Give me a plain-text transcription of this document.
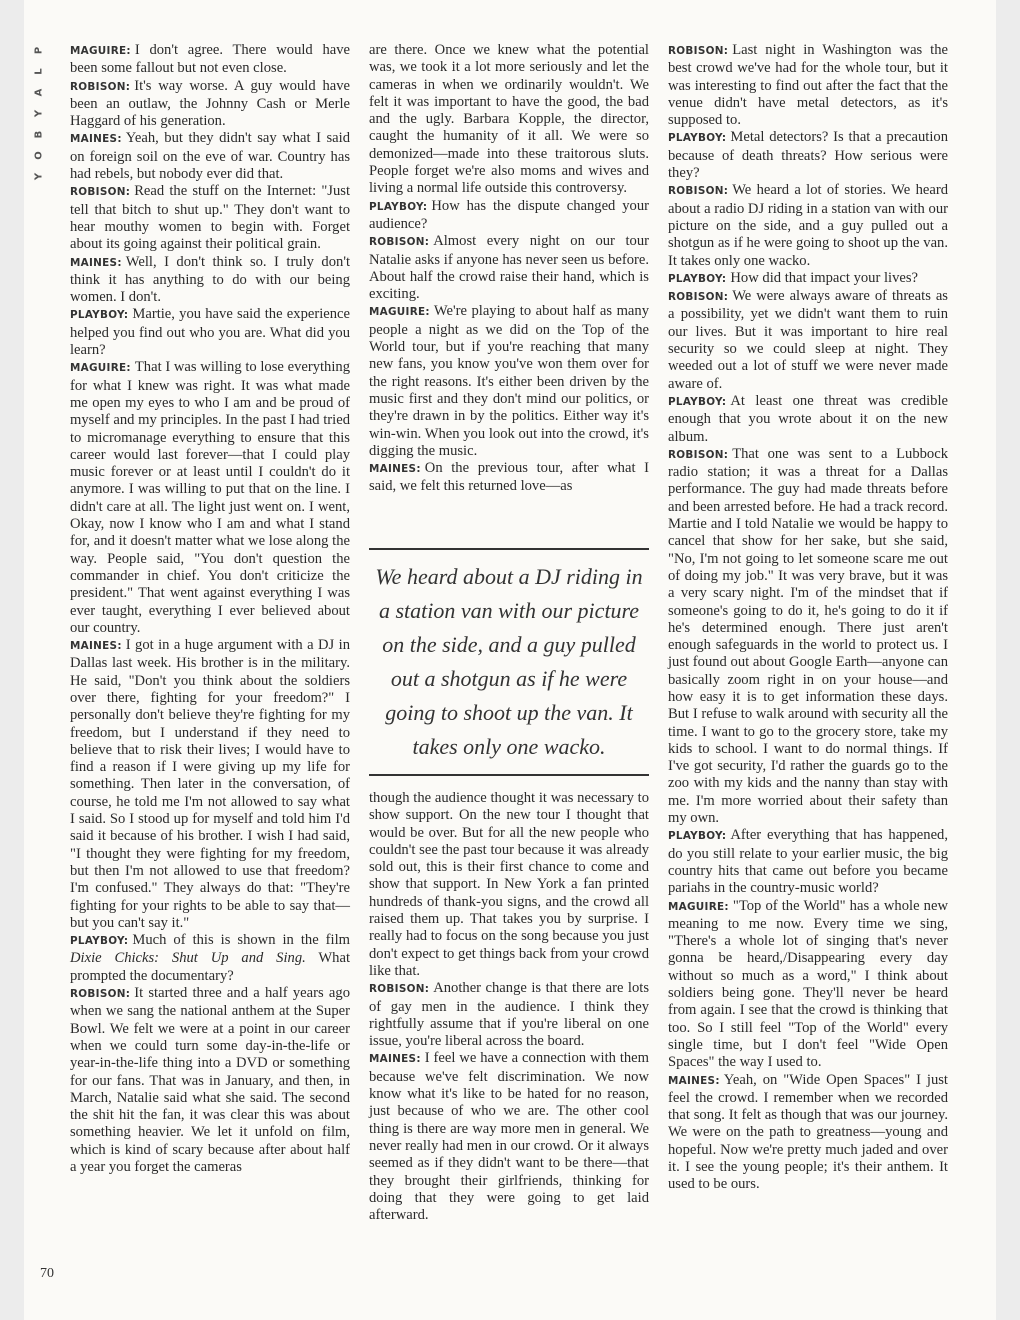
P
L
A
Y
B
O
Y

MAGUIRE: I don't agree. There would have been some fallout but not even close.

ROBISON: It's way worse. A guy would have been an outlaw, the Johnny Cash or Merle Haggard of his generation.

MAINES: Yeah, but they didn't say what I said on foreign soil on the eve of war. Country has had rebels, but nobody ever did that.

ROBISON: Read the stuff on the Internet: "Just tell that bitch to shut up." They don't want to hear mouthy women to begin with. Forget about its going against their political grain.

MAINES: Well, I don't think so. I truly don't think it has anything to do with our being women. I don't.

PLAYBOY: Martie, you have said the experience helped you find out who you are. What did you learn?

MAGUIRE: That I was willing to lose everything for what I knew was right. It was what made me open my eyes to who I am and be proud of myself and my principles. In the past I had tried to micromanage everything to ensure that this career would last forever—that I could play music forever or at least until I couldn't do it anymore. I was willing to put that on the line. I didn't care at all. The light just went on. I went, Okay, now I know who I am and what I stand for, and it doesn't matter what we lose along the way. People said, "You don't question the commander in chief. You don't criticize the president." That went against everything I was ever taught, everything I ever believed about our country.

MAINES: I got in a huge argument with a DJ in Dallas last week. His brother is in the military. He said, "Don't you think about the soldiers over there, fighting for your freedom?" I personally don't believe they're fighting for my freedom, but I understand if they need to believe that to risk their lives; I would have to find a reason if I were giving up my life for something. Then later in the conversation, of course, he told me I'm not allowed to say what I said. So I stood up for myself and told him I'd said it because of his brother. I wish I had said, "I thought they were fighting for my freedom, but then I'm not allowed to use that freedom? I'm confused." They always do that: "They're fighting for your rights to be able to say that—but you can't say it."

PLAYBOY: Much of this is shown in the film Dixie Chicks: Shut Up and Sing. What prompted the documentary?

ROBISON: It started three and a half years ago when we sang the national anthem at the Super Bowl. We felt we were at a point in our career when we could turn some day-in-the-life or year-in-the-life thing into a DVD or something for our fans. That was in January, and then, in March, Natalie said what she said. The second the shit hit the fan, it was clear this was about something heavier. We let it unfold on film, which is kind of scary because after about half a year you forget the cameras

are there. Once we knew what the potential was, we took it a lot more seriously and let the cameras in when we ordinarily wouldn't. We felt it was important to have the good, the bad and the ugly. Barbara Kopple, the director, caught the humanity of it all. We were so demonized—made into these traitorous sluts. People forget we're also moms and wives and living a normal life outside this controversy.

PLAYBOY: How has the dispute changed your audience?

ROBISON: Almost every night on our tour Natalie asks if anyone has never seen us before. About half the crowd raise their hand, which is exciting.

MAGUIRE: We're playing to about half as many people a night as we did on the Top of the World tour, but if you're reaching that many new fans, you know you've won them over for the right reasons. It's either been driven by the music first and they don't mind our politics, or they're drawn in by the politics. Either way it's win-win. When you look out into the crowd, it's digging the music.

MAINES: On the previous tour, after what I said, we felt this returned love—as

We heard about a DJ riding in a station van with our picture on the side, and a guy pulled out a shotgun as if he were going to shoot up the van. It takes only one wacko.

though the audience thought it was necessary to show support. On the new tour I thought that would be over. But for all the new people who couldn't see the past tour because it was already sold out, this is their first chance to come and show that support. In New York a fan printed hundreds of thank-you signs, and the crowd all raised them up. That takes you by surprise. I really had to focus on the song because you just don't expect to get things back from your crowd like that.

ROBISON: Another change is that there are lots of gay men in the audience. I think they rightfully assume that if you're liberal on one issue, you're liberal across the board.

MAINES: I feel we have a connection with them because we've felt discrimination. We now know what it's like to be hated for no reason, just because of who we are. The other cool thing is there are way more men in general. We never really had men in our crowd. Or it always seemed as if they didn't want to be there—that they brought their girlfriends, thinking for doing that they were going to get laid afterward.

ROBISON: Last night in Washington was the best crowd we've had for the whole tour, but it was interesting to find out after the fact that the venue didn't have metal detectors, as it's supposed to.

PLAYBOY: Metal detectors? Is that a precaution because of death threats? How serious were they?

ROBISON: We heard a lot of stories. We heard about a radio DJ riding in a station van with our picture on the side, and a guy pulled out a shotgun as if he were going to shoot up the van. It takes only one wacko.

PLAYBOY: How did that impact your lives?

ROBISON: We were always aware of threats as a possibility, yet we didn't want them to ruin our lives. But it was important to hire real security so we could sleep at night. They weeded out a lot of stuff we were never made aware of.

PLAYBOY: At least one threat was credible enough that you wrote about it on the new album.

ROBISON: That one was sent to a Lubbock radio station; it was a threat for a Dallas performance. The guy had made threats before and been arrested before. He had a track record. Martie and I told Natalie we would be happy to cancel that show for her sake, but she said, "No, I'm not going to let someone scare me out of doing my job." It was very brave, but it was a very scary night. I'm of the mindset that if someone's going to do it, he's going to do it if he's determined enough. There just aren't enough safeguards in the world to protect us. I just found out about Google Earth—anyone can basically zoom right in on your house—and how easy it is to get information these days. But I refuse to walk around with security all the time. I want to go to the grocery store, take my kids to school. I want to do normal things. If I've got security, I'd rather the guards go to the zoo with my kids and the nanny than stay with me. I'm more worried about their safety than my own.

PLAYBOY: After everything that has happened, do you still relate to your earlier music, the big country hits that came out before you became pariahs in the country-music world?

MAGUIRE: "Top of the World" has a whole new meaning to me now. Every time we sing, "There's a whole lot of singing that's never gonna be heard,/Disappearing every day without so much as a word," I think about soldiers being gone. They'll never be heard from again. I see that the crowd is thinking that too. So I still feel "Top of the World" every single time, but I don't feel "Wide Open Spaces" the way I used to.

MAINES: Yeah, on "Wide Open Spaces" I just feel the crowd. I remember when we recorded that song. It felt as though that was our journey. We were on the path to greatness—young and hopeful. Now we're pretty much jaded and over it. I see the young people; it's their anthem. It used to be ours.

70
